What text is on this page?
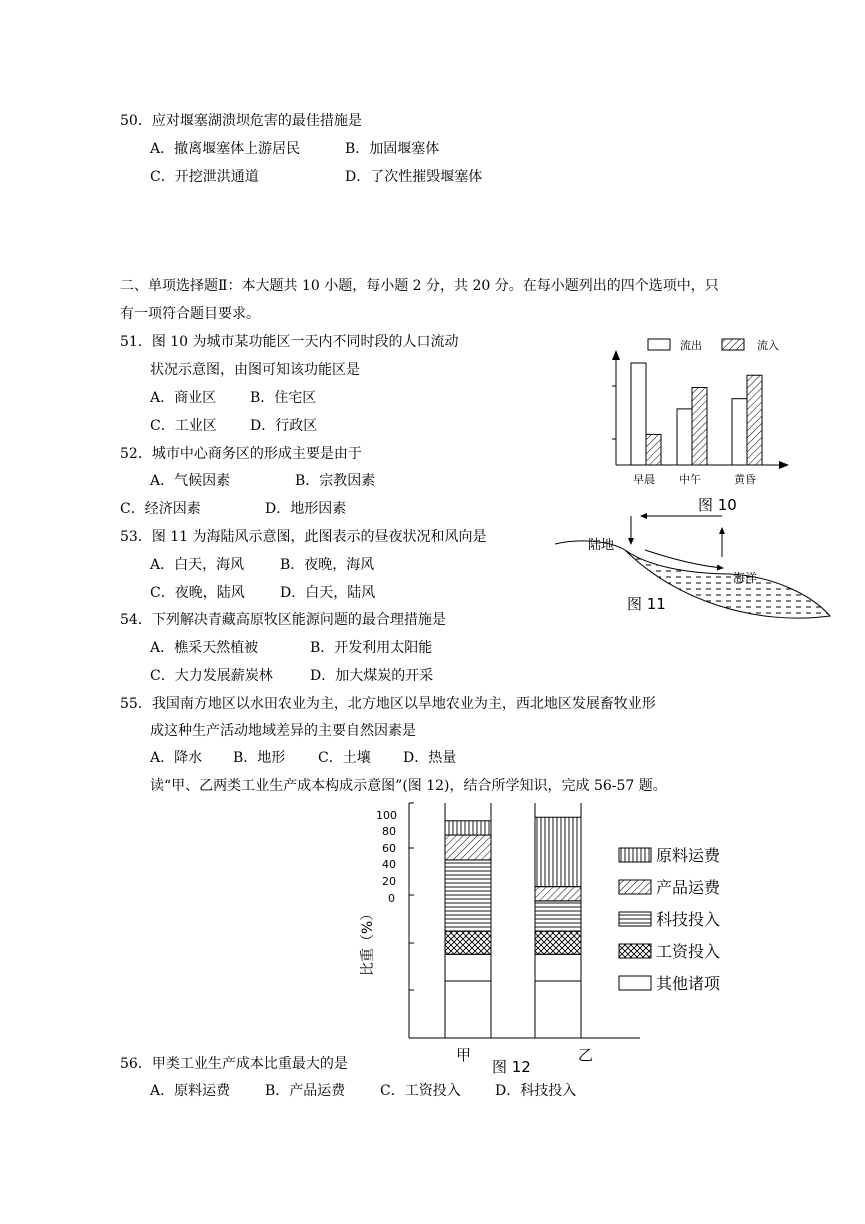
50．应对堰塞湖溃坝危害的最佳措施是
A．撤离堰塞体上游居民	B．加固堰塞体
C．开挖泄洪通道	D．了次性摧毁堰塞体
二、单项选择题Ⅱ：本大题共 10 小题，每小题 2 分，共 20 分。在每小题列出的四个选项中，只
有一项符合题目要求。
51．图 10 为城市某功能区一天内不同时段的人口流动
状况示意图，由图可知该功能区是
A．商业区 B．住宅区
C．工业区 D．行政区
52．城市中心商务区的形成主要是由于
A．气候因素	B．宗教因素
C．经济因素	D．地形因素
53．图 11 为海陆风示意图，此图表示的昼夜状况和风向是
A．白天，海风	B．夜晚，海风
C．夜晚，陆风	D．白天，陆风
54．下列解决青藏高原牧区能源问题的最合理措施是
A．樵采天然植被	B．开发利用太阳能
C．大力发展薪炭林	D．加大煤炭的开采
55．我国南方地区以水田农业为主，北方地区以旱地农业为主，西北地区发展畜牧业形
成这种生产活动地域差异的主要自然因素是
A．降水 B．地形 C．土壤 D．热量
读“甲、乙两类工业生产成本构成示意图”(图 12)，结合所学知识，完成 56-57 题。
56．甲类工业生产成本比重最大的是
A．原料运费 B．产品运费 C．工资投入 D．科技投入
流出	流入
早晨 中午	黄昏
图 10
陆地
海洋
图 11
100
80
60
40
20
0
比重（%）
甲	乙
图 12
原料运费
产品运费
科技投入
工资投入
其他诸项
